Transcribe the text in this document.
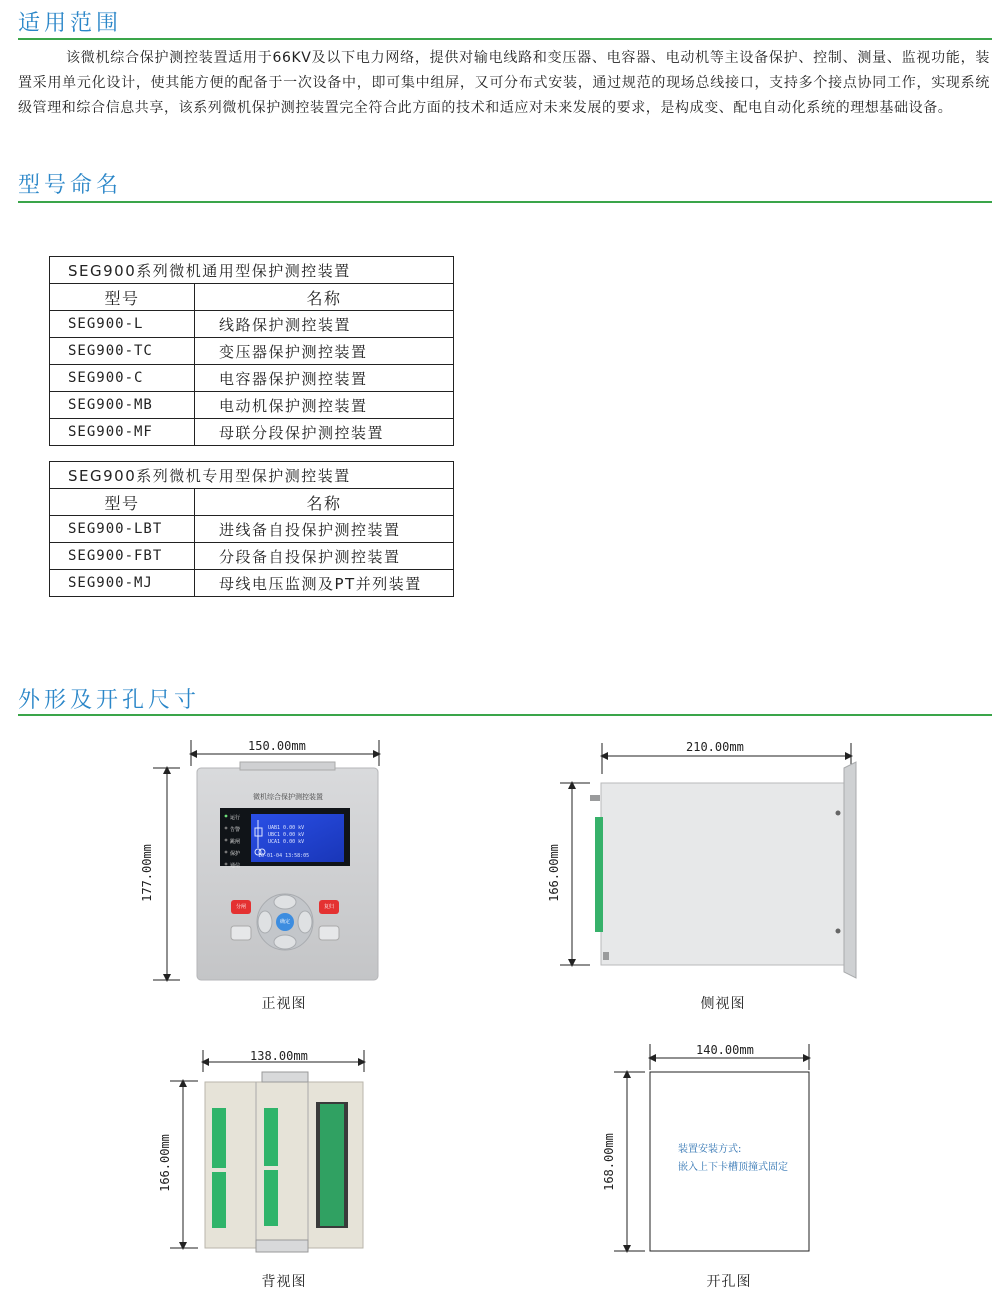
适用范围

该微机综合保护测控装置适用于66KV及以下电力网络，提供对输电线路和变压器、电容器、电动机等主设备保护、控制、测量、监视功能，装置采用单元化设计，使其能方便的配备于一次设备中，即可集中组屏，又可分布式安装，通过规范的现场总线接口，支持多个接点协同工作，实现系统级管理和综合信息共享，该系列微机保护测控装置完全符合此方面的技术和适应对未来发展的要求，是构成变、配电自动化系统的理想基础设备。

型号命名
SEG900系列微机通用型保护测控装置	
型号	名称
SEG900-L	线路保护测控装置
SEG900-TC	变压器保护测控装置
SEG900-C	电容器保护测控装置
SEG900-MB	电动机保护测控装置
SEG900-MF	母联分段保护测控装置
SEG900系列微机专用型保护测控装置	
型号	名称
SEG900-LBT	进线备自投保护测控装置
SEG900-FBT	分段备自投保护测控装置
SEG900-MJ	母线电压监测及PT并列装置
外形及开孔尺寸
微机综合保护测控装置
运行
告警
跳闸
保护
通信
UAB1 0.00 kV
UBC1 0.00 kV
UCA1 0.00 kV
16-01-04 13:58:05
分闸	复归
确定
150.00mm
177.00mm
正视图
210.00mm
166.00mm
侧视图
138.00mm
166.00mm
背视图
140.00mm
168.00mm	装置安装方式:
嵌入上下卡槽顶撞式固定
开孔图
